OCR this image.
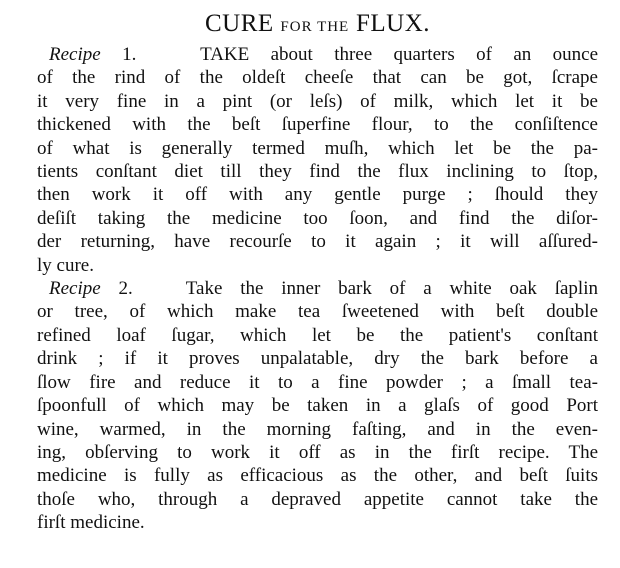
CURE FOR THE FLUX.
Recipe 1.	TAKE about three quarters of an ounce
of the rind of the oldeſt cheeſe that can be got, ſcrape
it very fine in a pint (or leſs) of milk, which let it be
thickened with the beſt ſuperfine flour, to the conſiſtence
of what is generally termed muſh, which let be the pa-
tients conſtant diet till they find the flux inclining to ſtop,
then work it off with any gentle purge ; ſhould they
deſiſt taking the medicine too ſoon, and find the diſor-
der returning, have recourſe to it again ; it will aſſured-
ly cure.
Recipe 2.	Take the inner bark of a white oak ſaplin
or tree, of which make tea ſweetened with beſt double
refined loaf ſugar, which let be the patient's conſtant
drink ; if it proves unpalatable, dry the bark before a
ſlow fire and reduce it to a fine powder ; a ſmall tea-
ſpoonfull of which may be taken in a glaſs of good Port
wine, warmed, in the morning faſting, and in the even-
ing, obſerving to work it off as in the firſt recipe. The
medicine is fully as efficacious as the other, and beſt ſuits
thoſe who, through a depraved appetite cannot take the
firſt medicine.
